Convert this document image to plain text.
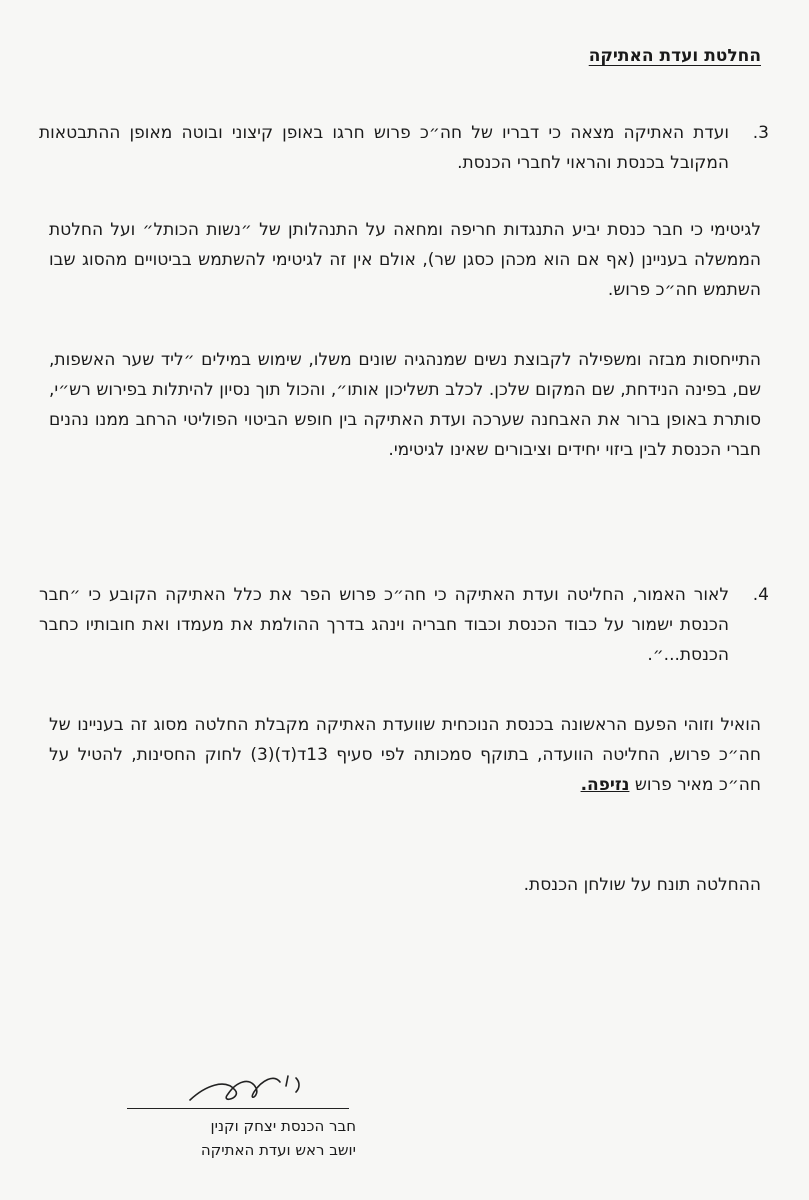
החלטת ועדת האתיקה
.3

ועדת האתיקה מצאה כי דבריו של חה״כ פרוש חרגו באופן קיצוני ובוטה מאופן ההתבטאות המקובל בכנסת והראוי לחברי הכנסת.

לגיטימי כי חבר כנסת יביע התנגדות חריפה ומחאה על התנהלותן של ״נשות הכותל״ ועל החלטת הממשלה בעניינן (אף אם הוא מכהן כסגן שר), אולם אין זה לגיטימי להשתמש בביטויים מהסוג שבו השתמש חה״כ פרוש.

התייחסות מבזה ומשפילה לקבוצת נשים שמנהגיה שונים משלו, שימוש במילים ״ליד שער האשפות, שם, בפינה הנידחת, שם המקום שלכן. לכלב תשליכון אותו״, והכול תוך נסיון להיתלות בפירוש רש״י, סותרת באופן ברור את האבחנה שערכה ועדת האתיקה בין חופש הביטוי הפוליטי הרחב ממנו נהנים חברי הכנסת לבין ביזוי יחידים וציבורים שאינו לגיטימי.

.4

לאור האמור, החליטה ועדת האתיקה כי חה״כ פרוש הפר את כלל האתיקה הקובע כי ״חבר הכנסת ישמור על כבוד הכנסת וכבוד חבריה וינהג בדרך ההולמת את מעמדו ואת חובותיו כחבר הכנסת...״.

הואיל וזוהי הפעם הראשונה בכנסת הנוכחית שוועדת האתיקה מקבלת החלטה מסוג זה בעניינו של חה״כ פרוש, החליטה הוועדה, בתוקף סמכותה לפי סעיף 13ד(ד)(3) לחוק החסינות, להטיל על חה״כ מאיר פרוש נזיפה.

ההחלטה תונח על שולחן הכנסת.

חבר הכנסת יצחק וקנין
יושב ראש ועדת האתיקה
